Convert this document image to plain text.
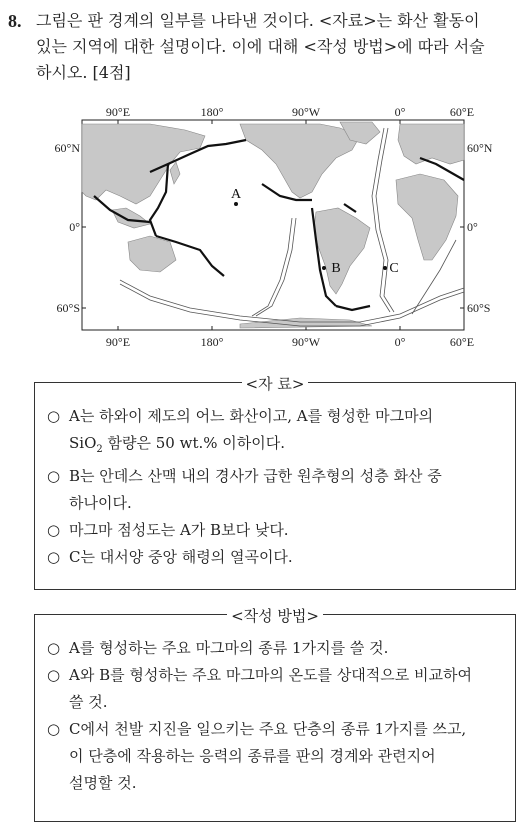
8. 그림은 판 경계의 일부를 나타낸 것이다. <자료>는 화산 활동이
있는 지역에 대한 설명이다. 이에 대해 <작성 방법>에 따라 서술
하시오. [4점]
90°E	180°	90°W	0°	60°E
90°E	180°	90°W	0°	60°E
60°N
0°
60°S
60°N
0°
60°S
A
B	C
<자 료>
○ A는 하와이 제도의 어느 화산이고, A를 형성한 마그마의
SiO$_2$ 함량은 50 wt.% 이하이다.
○ B는 안데스 산맥 내의 경사가 급한 원추형의 성층 화산 중
하나이다.
○ 마그마 점성도는 A가 B보다 낮다.
○ C는 대서양 중앙 해령의 열곡이다.
<작성 방법>
○ A를 형성하는 주요 마그마의 종류 1가지를 쓸 것.
○ A와 B를 형성하는 주요 마그마의 온도를 상대적으로 비교하여
쓸 것.
○ C에서 천발 지진을 일으키는 주요 단층의 종류 1가지를 쓰고,
이 단층에 작용하는 응력의 종류를 판의 경계와 관련지어
설명할 것.
